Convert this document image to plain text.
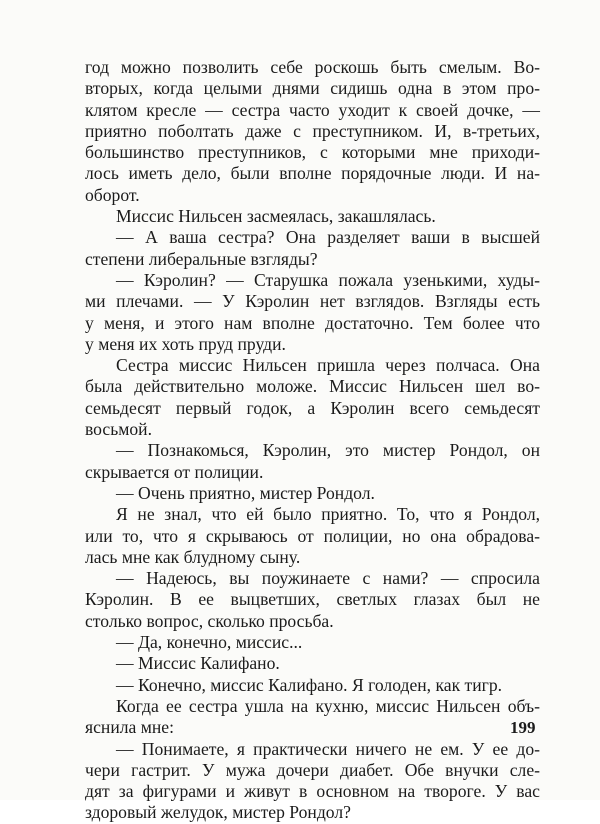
год можно позволить себе роскошь быть смелым. Во-
вторых, когда целыми днями сидишь одна в этом про-
клятом кресле — сестра часто уходит к своей дочке, —
приятно поболтать даже с преступником. И, в-третьих,
большинство преступников, с которыми мне приходи-
лось иметь дело, были вполне порядочные люди. И на-
оборот.
Миссис Нильсен засмеялась, закашлялась.
— А ваша сестра? Она разделяет ваши в высшей
степени либеральные взгляды?
— Кэролин? — Старушка пожала узенькими, худы-
ми плечами. — У Кэролин нет взглядов. Взгляды есть
у меня, и этого нам вполне достаточно. Тем более что
у меня их хоть пруд пруди.
Сестра миссис Нильсен пришла через полчаса. Она
была действительно моложе. Миссис Нильсен шел во-
семьдесят первый годок, а Кэролин всего семьдесят
восьмой.
— Познакомься, Кэролин, это мистер Рондол, он
скрывается от полиции.
— Очень приятно, мистер Рондол.
Я не знал, что ей было приятно. То, что я Рондол,
или то, что я скрываюсь от полиции, но она обрадова-
лась мне как блудному сыну.
— Надеюсь, вы поужинаете с нами? — спросила
Кэролин. В ее выцветших, светлых глазах был не
столько вопрос, сколько просьба.
— Да, конечно, миссис...
— Миссис Калифано.
— Конечно, миссис Калифано. Я голоден, как тигр.
Когда ее сестра ушла на кухню, миссис Нильсен объ-
яснила мне:
— Понимаете, я практически ничего не ем. У ее до-
чери гастрит. У мужа дочери диабет. Обе внучки сле-
дят за фигурами и живут в основном на твороге. У вас
здоровый желудок, мистер Рондол?
199
